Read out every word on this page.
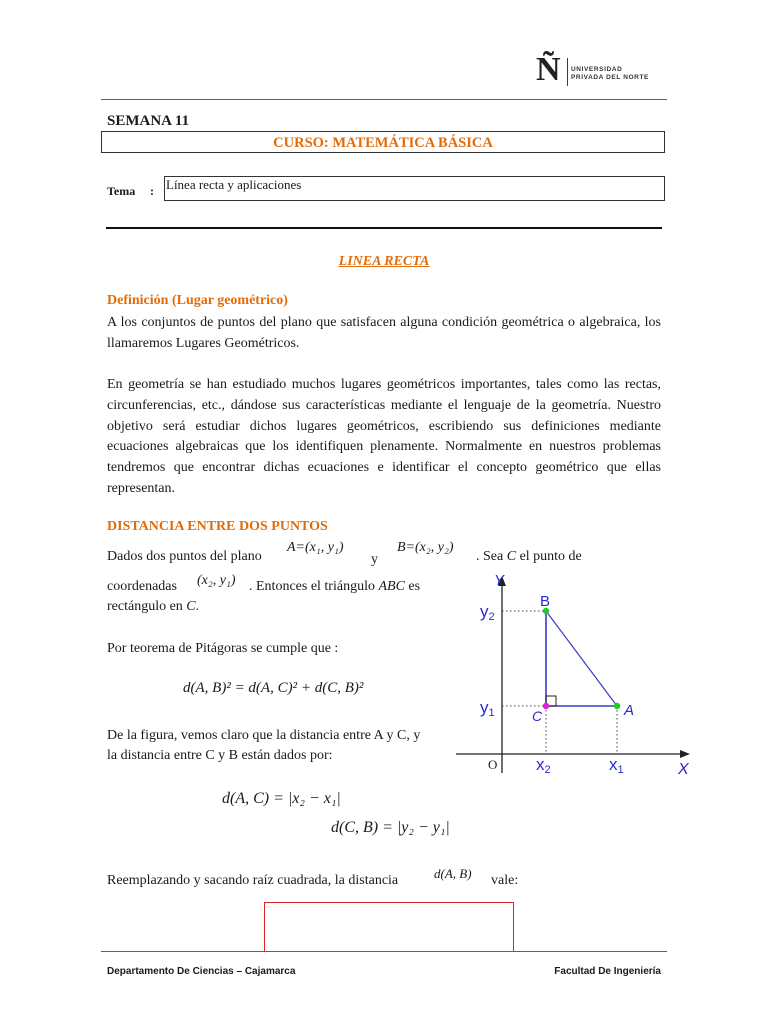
Ñ UNIVERSIDAD
PRIVADA DEL NORTE
SEMANA 11
CURSO: MATEMÁTICA BÁSICA
Tema : Línea recta y aplicaciones
LINEA RECTA
Definición (Lugar geométrico)
A los conjuntos de puntos del plano que satisfacen alguna condición geométrica o algebraica, los llamaremos Lugares Geométricos.
En geometría se han estudiado muchos lugares geométricos importantes, tales como las rectas, circunferencias, etc., dándose sus características mediante el lenguaje de la geometría. Nuestro objetivo será estudiar dichos lugares geométricos, escribiendo sus definiciones mediante ecuaciones algebraicas que los identifiquen plenamente. Normalmente en nuestros problemas tendremos que encontrar dichas ecuaciones e identificar el concepto geométrico que ellas representan.
DISTANCIA ENTRE DOS PUNTOS
Dados dos puntos del plano
A=(x₁, y₁)
y
B=(x₂, y₂)
. Sea C el punto de
coordenadas (x₂, y₁) . Entonces el triángulo ABC es
rectángulo en C.
Por teorema de Pitágoras se cumple que :
d(A, B)² = d(A, C)² + d(C, B)²
De la figura, vemos claro que la distancia entre A y C, y
la distancia entre C y B están dados por:
d(A, C) = |x₂ − x₁|
d(C, B) = |y₂ − y₁|
Reemplazando y sacando raíz cuadrada, la distancia	d(A, B) vale:
Y
X
O
B
A
C
y2
y1
x2	x1
Departamento De Ciencias – Cajamarca	Facultad De Ingeniería
